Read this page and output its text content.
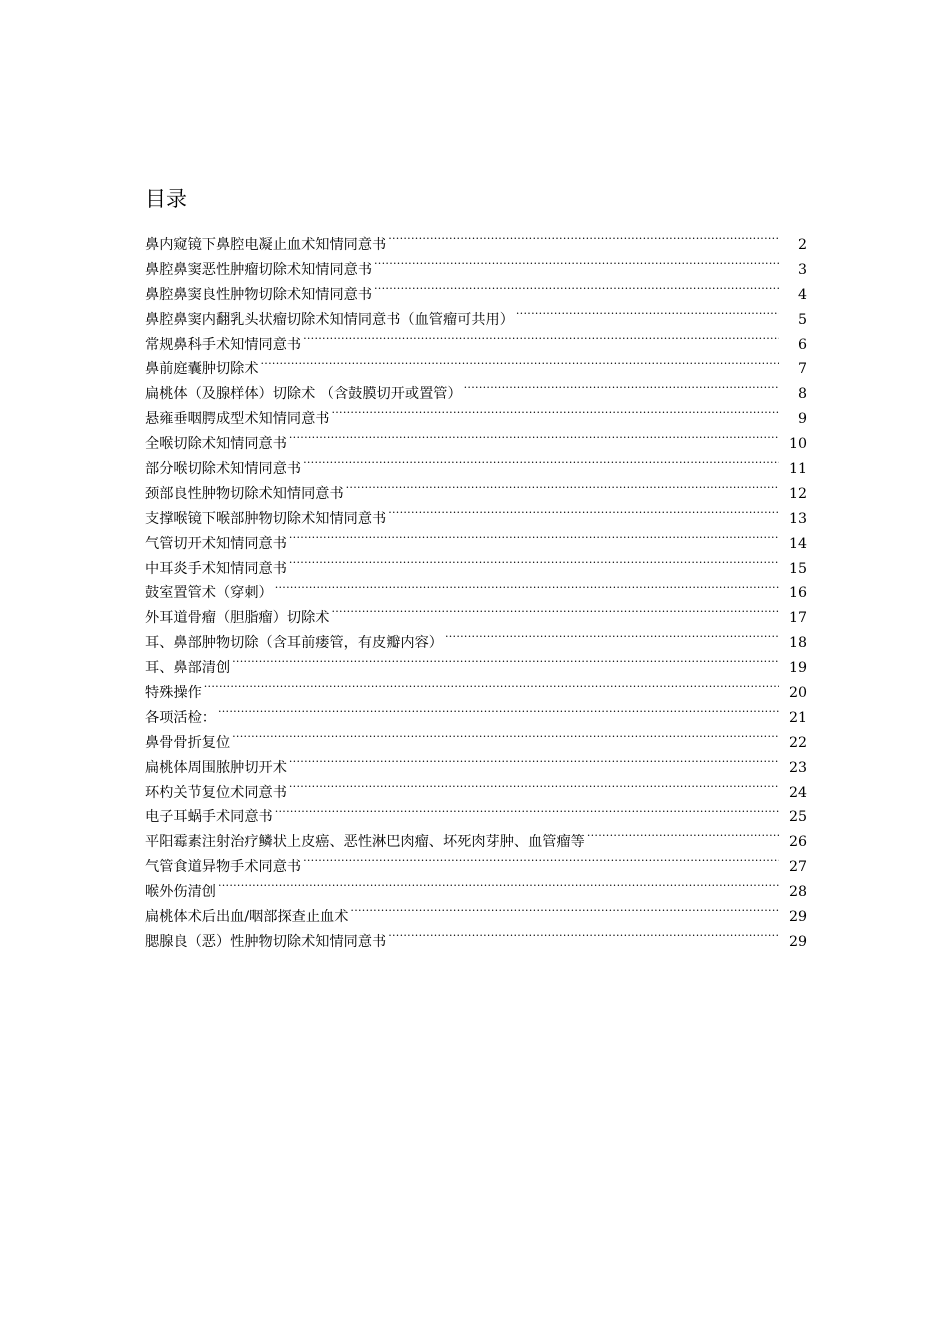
目录
鼻内窥镜下鼻腔电凝止血术知情同意书 .....	2
鼻腔鼻窦恶性肿瘤切除术知情同意书 .....	3
鼻腔鼻窦良性肿物切除术知情同意书 .....	4
鼻腔鼻窦内翻乳头状瘤切除术知情同意书（血管瘤可共用） .....	5
常规鼻科手术知情同意书 .....	6
鼻前庭囊肿切除术 .....	7
扁桃体（及腺样体）切除术 （含鼓膜切开或置管） .....	8
悬雍垂咽腭成型术知情同意书 .....	9
全喉切除术知情同意书 .....	10
部分喉切除术知情同意书 .....	11
颈部良性肿物切除术知情同意书 .....	12
支撑喉镜下喉部肿物切除术知情同意书 .....	13
气管切开术知情同意书 .....	14
中耳炎手术知情同意书 .....	15
鼓室置管术（穿刺） .....	16
外耳道骨瘤（胆脂瘤）切除术 .....	17
耳、鼻部肿物切除（含耳前瘘管，有皮瓣内容） .....	18
耳、鼻部清创 .....	19
特殊操作 .....	20
各项活检： .....	21
鼻骨骨折复位 .....	22
扁桃体周围脓肿切开术 .....	23
环杓关节复位术同意书 .....	24
电子耳蜗手术同意书 .....	25
平阳霉素注射治疗鳞状上皮癌、恶性淋巴肉瘤、坏死肉芽肿、血管瘤等 .....	26
气管食道异物手术同意书 .....	27
喉外伤清创 .....	28
扁桃体术后出血/咽部探查止血术 .....	29
腮腺良（恶）性肿物切除术知情同意书 .....	29
